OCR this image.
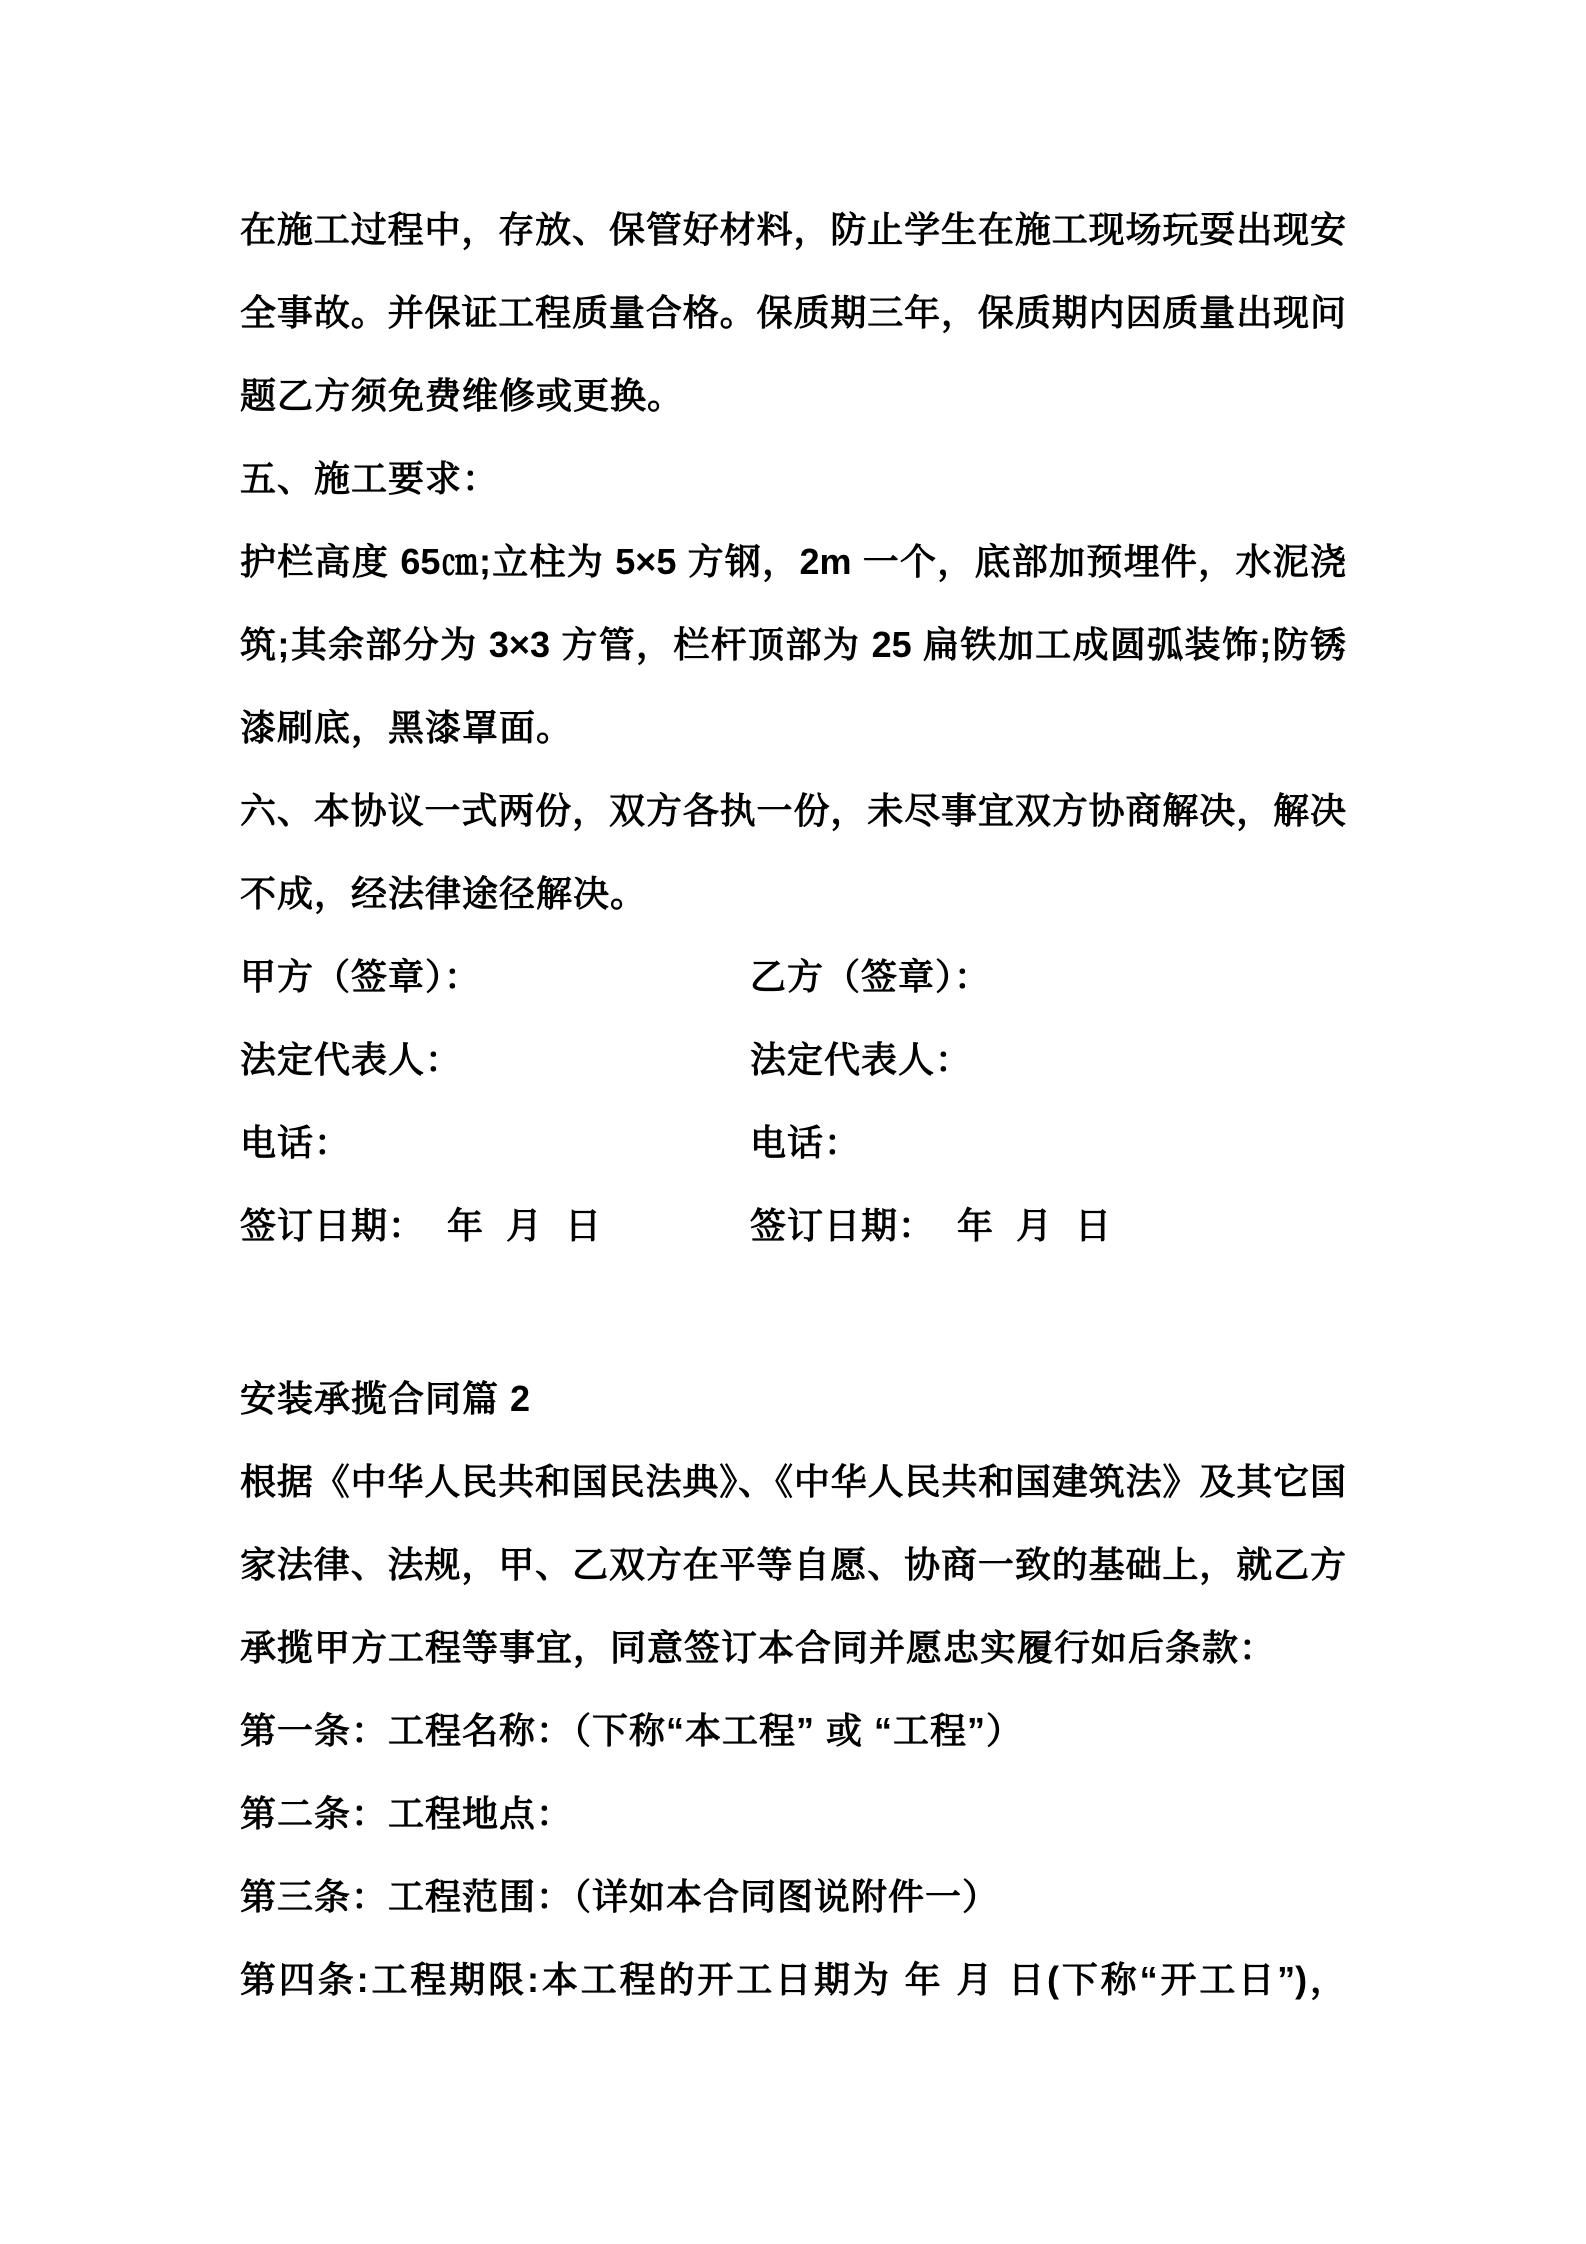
在施工过程中，存放、保管好材料，防止学生在施工现场玩耍出现安
全事故。并保证工程质量合格。保质期三年，保质期内因质量出现问
题乙方须免费维修或更换。
五、施工要求：
护栏高度 65㎝;立柱为 5×5 方钢，2m 一个，底部加预埋件，水泥浇
筑;其余部分为 3×3 方管，栏杆顶部为 25 扁铁加工成圆弧装饰;防锈
漆刷底，黑漆罩面。
六、本协议一式两份，双方各执一份，未尽事宜双方协商解决，解决
不成，经法律途径解决。
甲方（签章）：	乙方（签章）：
法定代表人：	法定代表人：
电话：	电话：
签订日期：  年  月  日	签订日期：  年  月  日
安装承揽合同篇 2
根据《中华人民共和国民法典》、《中华人民共和国建筑法》及其它国
家法律、法规，甲、乙双方在平等自愿、协商一致的基础上，就乙方
承揽甲方工程等事宜，同意签订本合同并愿忠实履行如后条款：
第一条：工程名称：（下称“本工程” 或 “工程”）
第二条：工程地点：
第三条：工程范围：（详如本合同图说附件一）
第四条:工程期限:本工程的开工日期为 年 月 日(下称“开工日”)，
